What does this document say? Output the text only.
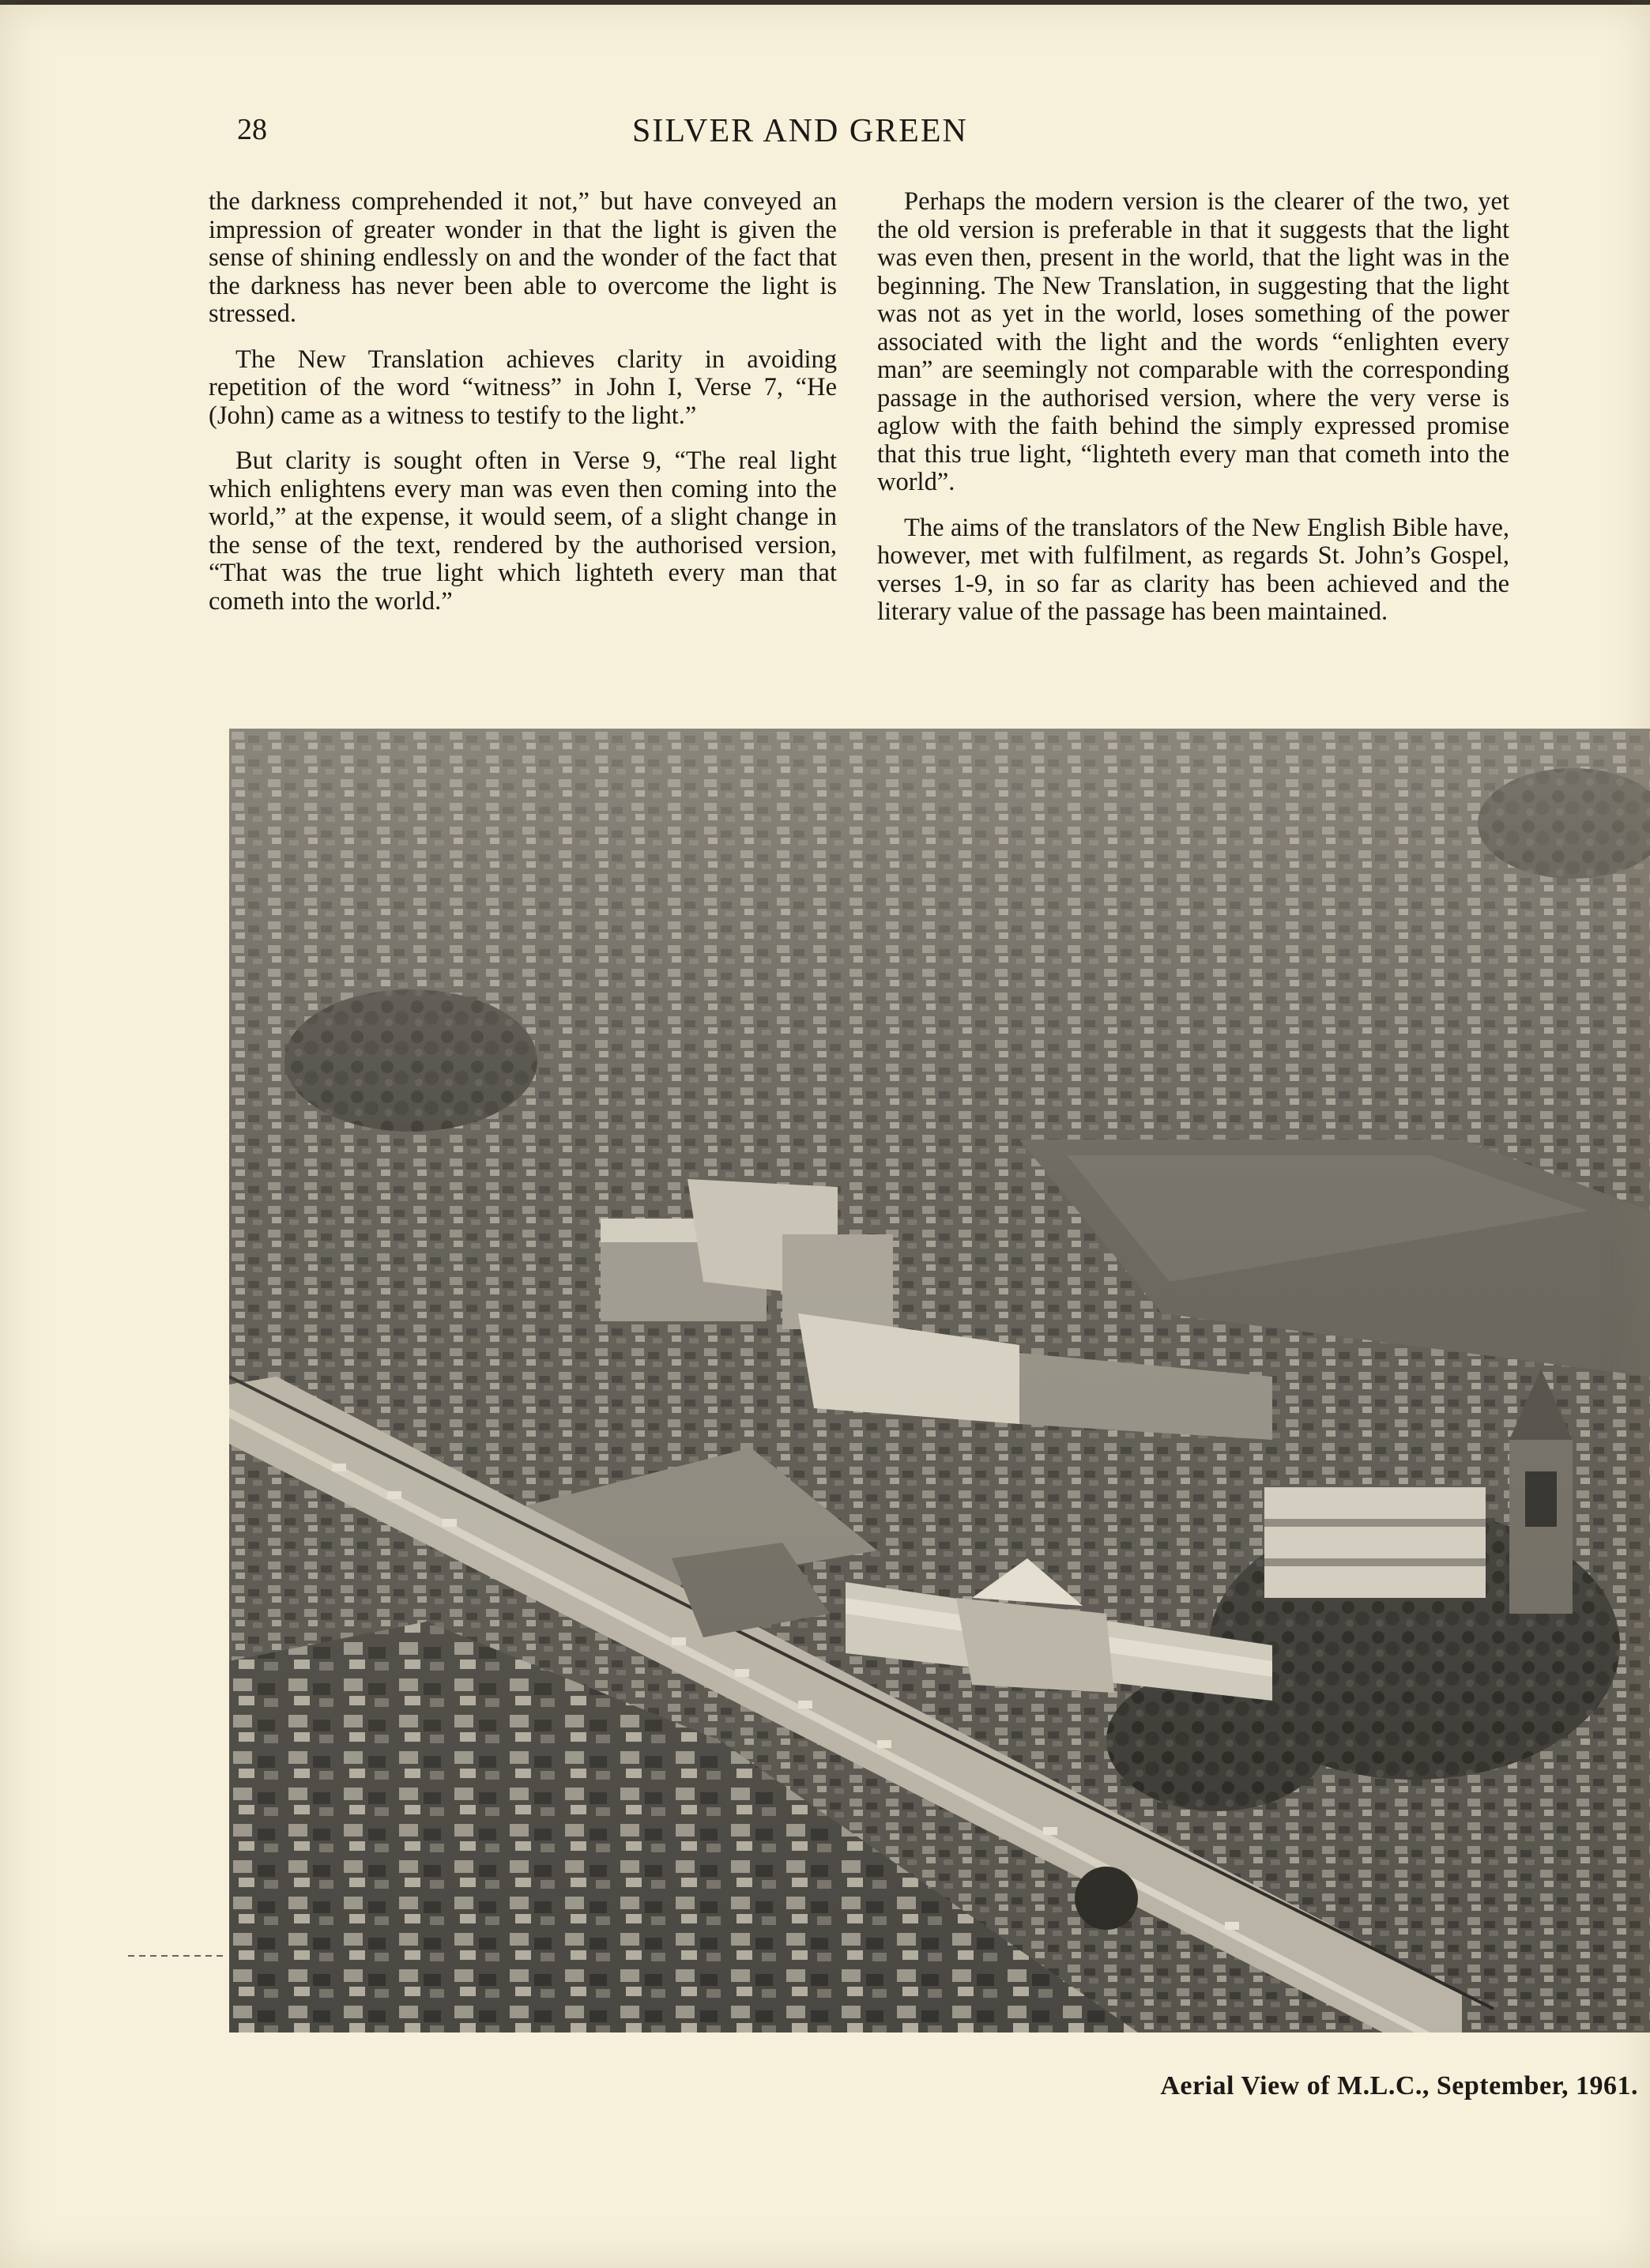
28	SILVER AND GREEN

the darkness comprehended it not,” but have conveyed an impression of greater wonder in that the light is given the sense of shining endlessly on and the wonder of the fact that the darkness has never been able to overcome the light is stressed.

The New Translation achieves clarity in avoiding repetition of the word “witness” in John I, Verse 7, “He (John) came as a witness to testify to the light.”

But clarity is sought often in Verse 9, “The real light which enlightens every man was even then coming into the world,” at the expense, it would seem, of a slight change in the sense of the text, rendered by the authorised version, “That was the true light which lighteth every man that cometh into the world.”

Perhaps the modern version is the clearer of the two, yet the old version is preferable in that it suggests that the light was even then, present in the world, that the light was in the beginning. The New Translation, in suggesting that the light was not as yet in the world, loses something of the power associated with the light and the words “enlighten every man” are seemingly not comparable with the corresponding passage in the authorised version, where the very verse is aglow with the faith behind the simply expressed promise that this true light, “lighteth every man that cometh into the world”.

The aims of the translators of the New English Bible have, however, met with fulfilment, as regards St. John’s Gospel, verses 1-9, in so far as clarity has been achieved and the literary value of the passage has been maintained.

Aerial View of M.L.C., September, 1961.
